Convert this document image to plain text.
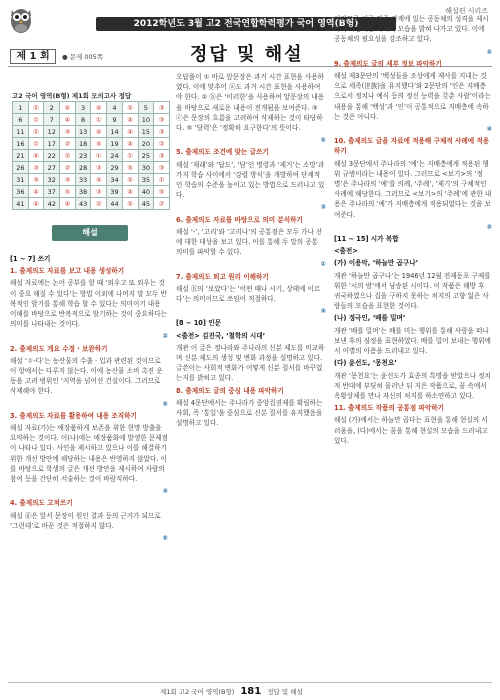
해설편 시리즈
2012학년도 3월 고2 전국연합학력평가 국어 영역(B형)
제 1 회	● 문제 005쪽	정답 및 해설
고2 국어 영역(B형) 제1회 모의고사 정답
1	②	2	⑤	3	④	4	⑤	5	③
6	①	7	④	8	①	9	④	10	③
11	②	12	③	13	④	14	④	15	③
16	①	17	②	18	⑤	19	④	20	②
21	⑤	22	②	23	①	24	①	25	③
26	③	27	②	28	③	29	⑤	30	③
31	③	32	③	33	⑤	34	⑤	35	①
36	④	37	⑤	38	③	39	④	40	⑤
41	④	42	④	43	②	44	⑤	45	②
해설

[1 ~ 7] 쓰기

1. 출제의도 자료를 보고 내용 생성하기

해설 자료에는 논어 공부를 할 때 ‘외우고 또 외우는 것이 중요 해질 수 있다’는 방법 이외에 나머지 말 모두 반복적인 암기를 통해 학습 할 수 있다는 의미이기 내용 이해를 바탕으로 반복적으로 암기하는 것이 중요하다는 의미를 나타내는 것이다.

②

2. 출제의도 개요 수정 · 보완하기

해설 ‘ㅎ-다’는 농산물의 수출 · 입과 관련된 것이므로 이 항에서는 다루지 않는다. 이에 농산물 소비 촉진 운동을 고려 범위인 ‘지역을 넘어선 건설이다. 그러므로 삭제해야 한다.

⑤

3. 출제의도 자료를 활용하여 내용 조직하기

해설 자료(가)는 애장품하게 보존을 위한 현명 방출을 요약하는 것이다. 이(나)에는 애장품화에 발생한 문제점이 나타나 있다. 사인을 제시하고 있으나 이를 해결하기 위한 개선 방안에 해당하는 내용은 반영하지 않았다. 이를 바탕으로 학생의 글은 개선 방안을 제시하여 사람의 참여 등을 간단히 서술하는 것이 바람직하다.

④

4. 출제의도 고쳐쓰기

해설 ⓓ은 앞서 문장이 원인 결과 등의 근거가 되므로 ‘그런데’로 바꾼 것은 적절하지 않다.

⑤

오답풀이 ① 바로 앞문장은 과거 시간 표현을 사용하였다. 이에 맞추어 ⓐ도 과거 시간 표현을 사용하여야 한다. ② ⓑ은 ‘이러한’을 사용하여 앞문장의 내용을 바탕으로 새로운 내용이 전개됨을 보여준다. ③ ⓒ은 문장의 흐름을 고려하여 삭제하는 것이 타당하다. ⑤ ‘담력’은 ‘정확히 요구한다’의 뜻이다.

⑤

5. 출제의도 조건에 맞는 글쓰기

해설 ‘재래’와 ‘답도’, ‘담’인 명령과 ‘제거’는 소망’과 가지 학습 사이에서 ‘강렬 방식’을 개발하여 단계적인 학습의 수준을 높이고 있는 방법으로 드러나고 있다.

③

6. 출제의도 자료를 바탕으로 의미 분석하기

해설 ‘-’, ‘고리’와 ‘고리나’의 공통점은 모두 가나 산에 대한 대상을 보고 있다. 이를 통해 두 말의 공통 의미를 파악할 수 있다.

①

7. 출제의도 퇴고 원리 이해하기

해설 ⓑ의 ‘보았다’는 ‘어떤 때나 시기, 상태에 이르다’는 의미이므로 쓰임이 적절하다.

④

[8 ~ 10] 인문

<출전> 김진국, ‘철학의 시대’

개관 이 글은 정나라와 주나라의 신분 제도를 비교하며 신분 제도의 생성 및 변화 과정을 설명하고 있다. 글쓴이는 사회적 변화가 어떻게 신분 질서를 바꾸었는지를 밝히고 있다.

8. 출제의도 글의 중심 내용 파악하기

해설 4문단에서는 주나라가 중앙집권제를 확립하는 사회, 즉 ‘통일’을 중심으로 신분 질서를 유지했음을 설명하고 있다.

이러므로 서로 의존 관계에 있는 공동체의 성격을 제시하여 바람직한 사회의 모습을 밝혀 나가고 있다. 이에 공동체의 필요성을 강조하고 있다.

②

9. 출제의도 글의 세부 정보 파악하기

해설 제3문단의 ‘백성들을 조상에게 제사를 지내는 것으로 세족(世族)을 유지했다’와 2문단의 ‘인은 지배층으로서 정치나 예식 등의 정신 능력을 갖춘 사람’이라는 내용을 통해 ‘백성’과 ‘인’이 공통적으로 지배층에 속하는 것은 아니다.

④

10. 출제의도 글을 자료에 적용해 구체적 사례에 적용하기

해설 3문단에서 주나라의 ‘예’는 지배층에게 적용된 행위 규범이라는 내용이 있다. 그러므로 <보기>의 ‘정명’은 주나라의 ‘예’를 의례, ‘주례’, ‘제기’의 구체적인 사례에 해당한다. 그러므로 <보기>의 ‘주례’에 관한 내용은 주나라의 ‘예’가 지배층에게 적용되었다는 것을 보여준다.

③

[11 ~ 15] 시가 복합

<출전>

(가) 이용악, ‘하늘만 곱구나’

개관 ‘하늘만 곱구나’는 1946년 12월 전재동포 구제를 위한 ‘시의 밤’에서 낭송된 시이다. 이 작품은 해방 후 귀국하였으나 집을 구하지 못하는 처지의 고향 잃은 사람들의 모습을 표현한 것이다.

(나) 정극인, ‘배를 밀며’

개관 ‘배를 밀며’는 배를 미는 행위를 통해 사랑을 떠나보낸 후의 심정을 표현하였다. 배를 밀어 보내는 행위에서 이별의 아픔을 드러내고 있다.

(다) 윤선도, ‘몽천요’

개관 ‘몽천요’는 윤선도가 효종의 특명을 받았으나 정치적 반대에 부딪혀 물러난 뒤 지은 작품으로, 꿈 속에서 옥황상제를 만나 자신의 처지를 하소연하고 있다.

11. 출제의도 작품의 공통점 파악하기

해설 (가)에서는 하늘만 곱다는 표현을 통해 현실의 서러움을, (다)에서는 꿈을 통해 현실의 모습을 드러내고 있다.

제1회 고2 국어 영역(B형) 181 정답 및 해설
